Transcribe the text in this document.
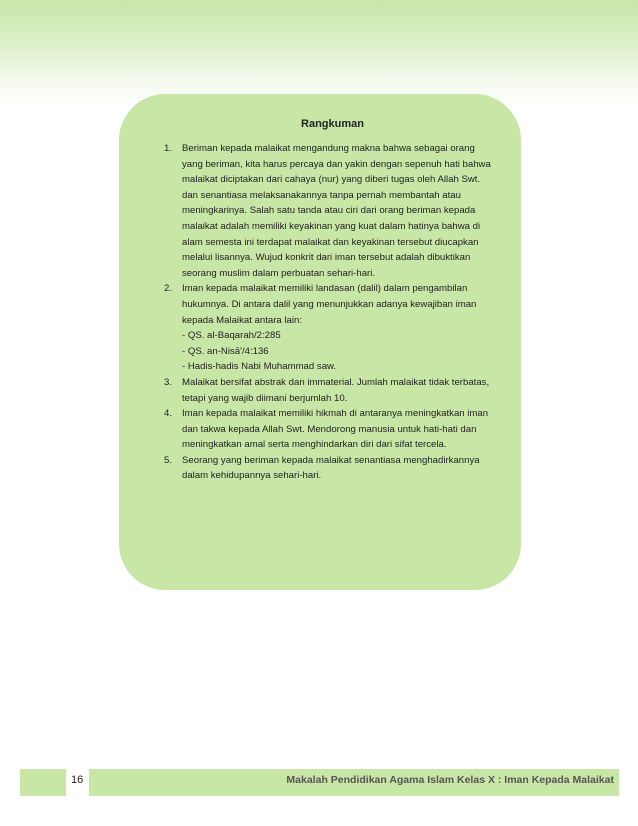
Rangkuman
1. Beriman kepada malaikat mengandung makna bahwa sebagai orang yang beriman, kita harus percaya dan yakin dengan sepenuh hati bahwa malaikat diciptakan dari cahaya (nur) yang diberi tugas oleh Allah Swt. dan senantiasa melaksanakannya tanpa pernah membantah atau meningkarinya. Salah satu tanda atau ciri dari orang beriman kepada malaikat adalah memiliki keyakinan yang kuat dalam hatinya bahwa di alam semesta ini terdapat malaikat dan keyakinan tersebut diucapkan melalui lisannya. Wujud konkrit dari iman tersebut adalah dibuktikan seorang muslim dalam perbuatan sehari-hari.
2. Iman kepada malaikat memiliki landasan (dalil) dalam pengambilan hukumnya. Di antara dalil yang menunjukkan adanya kewajiban iman kepada Malaikat antara lain:
- QS. al-Baqarah/2:285
- QS. an-Nisā'/4:136
- Hadis-hadis Nabi Muhammad saw.
3. Malaikat bersifat abstrak dan immaterial. Jumlah malaikat tidak terbatas, tetapi yang wajib diimani berjumlah 10.
4. Iman kepada malaikat memiliki hikmah di antaranya meningkatkan iman dan takwa kepada Allah Swt. Mendorong manusia untuk hati-hati dan meningkatkan amal serta menghindarkan diri dari sifat tercela.
5. Seorang yang beriman kepada malaikat senantiasa menghadirkannya dalam kehidupannya sehari-hari.
16	Makalah Pendidikan Agama Islam Kelas X : Iman Kepada Malaikat
